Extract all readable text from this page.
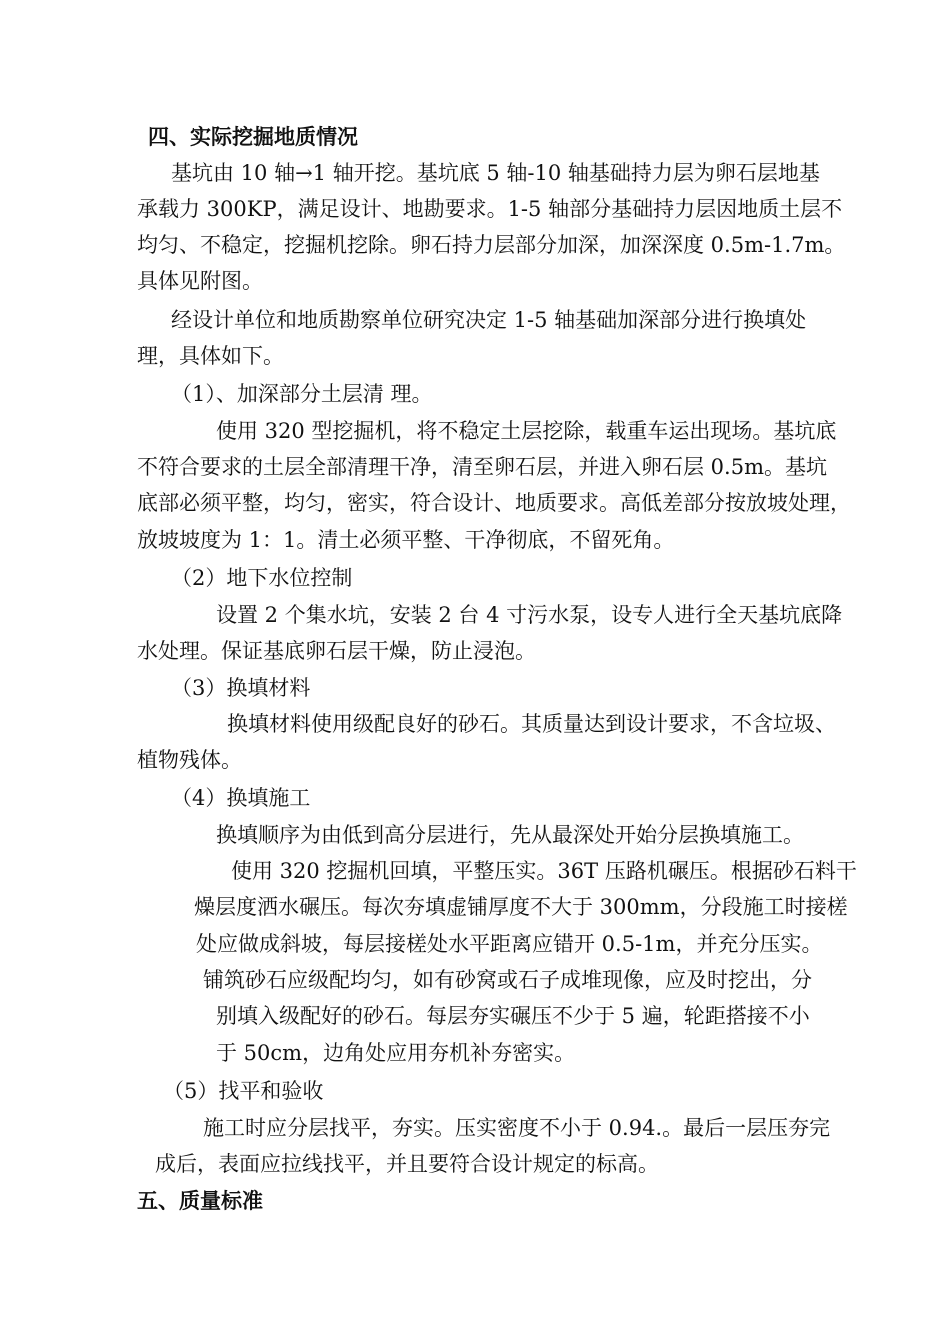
四、实际挖掘地质情况
基坑由 10 轴→1 轴开挖。基坑底 5 轴-10 轴基础持力层为卵石层地基
承载力 300KP，满足设计、地勘要求。1-5 轴部分基础持力层因地质土层不
均匀、不稳定，挖掘机挖除。卵石持力层部分加深，加深深度 0.5m-1.7m。
具体见附图。
经设计单位和地质勘察单位研究决定 1-5 轴基础加深部分进行换填处
理，具体如下。
（1）、加深部分土层清 理。
使用 320 型挖掘机，将不稳定土层挖除，载重车运出现场。基坑底
不符合要求的土层全部清理干净，清至卵石层，并进入卵石层 0.5m。基坑
底部必须平整，均匀，密实，符合设计、地质要求。高低差部分按放坡处理，
放坡坡度为 1：1。清土必须平整、干净彻底，不留死角。
（2）地下水位控制
设置 2 个集水坑，安装 2 台 4 寸污水泵，设专人进行全天基坑底降
水处理。保证基底卵石层干燥，防止浸泡。
（3）换填材料
换填材料使用级配良好的砂石。其质量达到设计要求，不含垃圾、
植物残体。
（4）换填施工
换填顺序为由低到高分层进行，先从最深处开始分层换填施工。
使用 320 挖掘机回填，平整压实。36T 压路机碾压。根据砂石料干
燥层度洒水碾压。每次夯填虚铺厚度不大于 300mm，分段施工时接槎
处应做成斜坡，每层接槎处水平距离应错开 0.5-1m，并充分压实。
铺筑砂石应级配均匀，如有砂窝或石子成堆现像，应及时挖出，分
别填入级配好的砂石。每层夯实碾压不少于 5 遍，轮距搭接不小
于 50cm，边角处应用夯机补夯密实。
（5）找平和验收
施工时应分层找平，夯实。压实密度不小于 0.94.。最后一层压夯完
成后，表面应拉线找平，并且要符合设计规定的标高。
五、质量标准
